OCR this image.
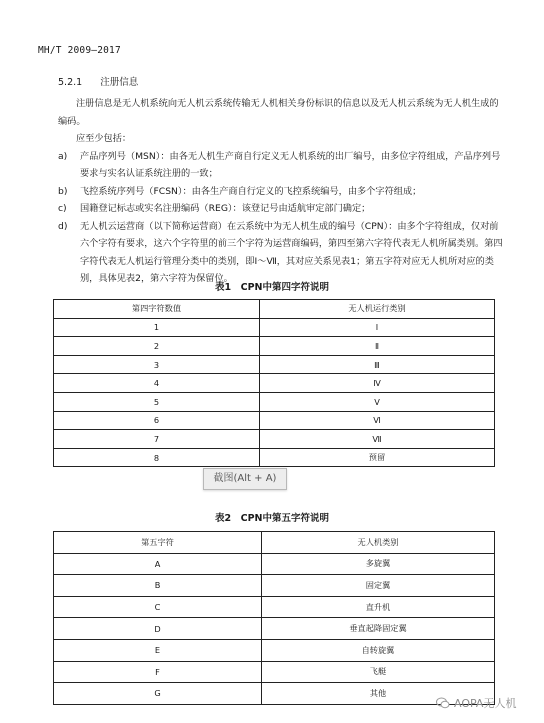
MH/T 2009—2017
5.2.1 注册信息

注册信息是无人机系统向无人机云系统传输无人机相关身份标识的信息以及无人机云系统为无人机生成的编码。

应至少包括：

a)	产品序列号（MSN）：由各无人机生产商自行定义无人机系统的出厂编号，由多位字符组成，产品序列号要求与实名认证系统注册的一致；
b)	飞控系统序列号（FCSN）：由各生产商自行定义的飞控系统编号，由多个字符组成；
c)	国籍登记标志或实名注册编码（REG）：该登记号由适航审定部门确定；
d)	无人机云运营商（以下简称运营商）在云系统中为无人机生成的编号（CPN）：由多个字符组成，仅对前六个字符有要求，这六个字符里的前三个字符为运营商编码，第四至第六字符代表无人机所属类别。第四字符代表无人机运行管理分类中的类别，即Ⅰ～Ⅶ，其对应关系见表1；第五字符对应无人机所对应的类别，具体见表2，第六字符为保留位。
表1　CPN中第四字符说明
第四字符数值	无人机运行类别
1	Ⅰ
2	Ⅱ
3	Ⅲ
4	Ⅳ
5	Ⅴ
6	Ⅵ
7	Ⅶ
8	预留
截图(Alt + A)
表2　CPN中第五字符说明
第五字符	无人机类别
A	多旋翼
B	固定翼
C	直升机
D	垂直起降固定翼
E	自转旋翼
F	飞艇
G	其他
AOPA无人机
